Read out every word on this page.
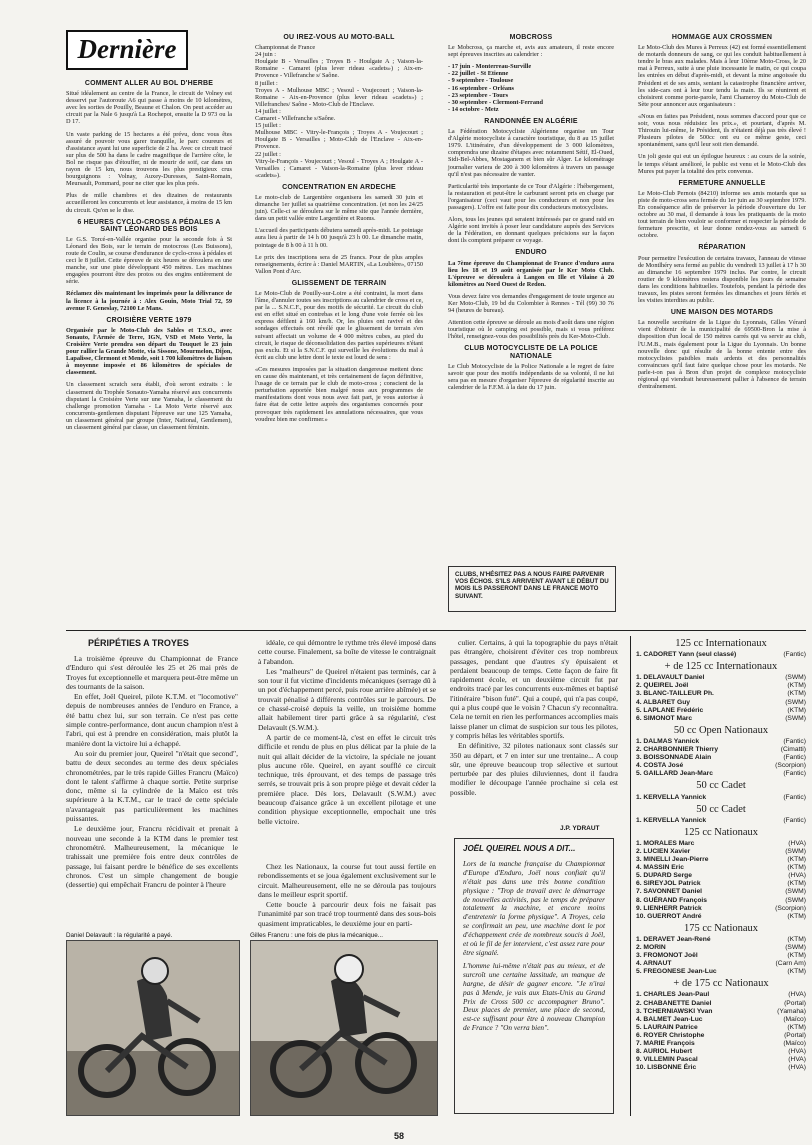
Dernière
COMMENT ALLER AU BOL D'HERBE
Situé idéalement au centre de la France, le circuit de Volney est desservi par l'autoroute A6 qui passe à moins de 10 kilomètres, avec les sorties de Pouilly, Beaune et Chalon. On peut accéder au circuit par la Nale 6 jusqu'à La Rochepot, ensuite la D 973 ou la D 17.
Un vaste parking de 15 hectares a été prévu, donc vous êtes assuré de pouvoir vous garer tranquille, le parc coureurs et d'assistance ayant lui une superficie de 2 ha. Avec ce circuit tracé sur plus de 500 ha dans le cadre magnifique de l'arrière côte, le Bol ne risque pas d'étouffer, ni de mourir de soif, car dans un rayon de 15 km, nous trouvons les plus prestigieux crus bourguignons : Volnay, Auxey-Duresses, Saint-Romain, Meursault, Pommard, pour ne citer que les plus prés.
Plus de mille chambres et des dizaines de restaurants accueilleront les concurrents et leur assistance, à moins de 15 km du circuit. Qu'on se le dise.
6 HEURES CYCLO-CROSS A PÉDALES A SAINT LÉONARD DES BOIS
Le G.S. Torcé-en-Vallée organise pour la seconde fois à St Léonard des Bois, sur le terrain de motocross (Les Buissons), route de Coulin, se course d'endurance de cyclo-cross à pédales et ceci le 8 juillet. Cette épreuve de six heures se déroulera en une manche, sur une piste développant 450 mètres. Les machines engagées pourront être des protos ou des engins entièrement de série.
Réclamez dès maintenant les imprimés pour la délivrance de la licence à la journée à : Alex Gouin, Moto Trial 72, 59 avenue F. Geneslay, 72100 Le Mans.
CROISIÈRE VERTE 1979
Organisée par le Moto-Club des Sables et T.S.O., avec Sonauto, l'Armée de Terre, IGN, VSD et Moto Verte, la Croisière Verte prendra son départ du Touquet le 23 juin pour rallier la Grande Motte, via Sissone, Mourmelon, Dijon, Lapalisse, Clermont et Mende, soit 1 700 kilomètres de liaison à moyenne imposée et 86 kilomètres de spéciales de classement.
Un classement scratch sera établi, d'où seront extraits : le classement du Trophée Sonauto-Yamaha réservé aux concurrents disputant la Croisière Verte sur une Yamaha, le classement du challenge promotion Yamaha - La Moto Verte réservé aux concurrents-gentlemen disputant l'épreuve sur une 125 Yamaha, un classement général par groupe (Inter, National, Gentlemen), un classement général par classe, un classement féminin.
OU IREZ-VOUS AU MOTO-BALL
Championnat de France
24 juin :
Houlgate B - Versailles ; Troyes B - Houlgate A ; Vaison-la-Romaine - Camaret (plus lever rideau «cadets») ; Aix-en-Provence - Villefranche s/ Saône.
8 juillet :
Troyes A - Mulhouse MBC ; Vesoul - Voujecourt ; Vaison-la-Romaine - Aix-en-Provence (plus lever rideau «cadets») ; Villefranches/ Saône - Moto-Club de l'Enclave.
14 juillet :
Camaret - Villefranche s/Saône.
15 juillet :
Mulhouse MBC - Vitry-le-François ; Troyes A - Voujecourt ; Houlgate B - Versailles ; Moto-Club de l'Enclave - Aix-en-Provence.
22 juillet :
Vitry-le-François - Voujecourt ; Vesoul - Troyes A ; Houlgate A - Versailles ; Camaret - Vaison-la-Romaine (plus lever rideau «cadets»).
CONCENTRATION EN ARDECHE
Le moto-club de Largentière organisera les samedi 30 juin et dimanche 1er juillet sa quatrième concentration. (et non les 24/25 juin). Celle-ci se déroulera sur le même site que l'année dernière, dans un petit vallée entre Largentière et Ruoms.
L'accueil des participants débutera samedi après-midi. Le pointage aura lieu à partir de 14 h 00 jusqu'à 23 h 00. Le dimanche matin, pointage de 8 h 00 à 11 h 00.
Le prix des inscriptions sera de 25 francs. Pour de plus amples renseignements, écrire à : Daniel MARTIN, «La Loubière», 07150 Vallon Pont d'Arc.
GLISSEMENT DE TERRAIN
Le Moto-Club de Pouilly-sur-Loire a été contraint, la mort dans l'âme, d'annuler toutes ses inscriptions au calendrier de cross et ce, par la ... S.N.C.F., pour des motifs de sécurité. Le circuit du club est en effet situé en contrebas et le long d'une voie ferrée où les express défilent à 160 km/h. Or, les pluies ont ravivé et des sondages effectués ont révélé que le glissement de terrain s'en suivant affectait un volume de 4 000 mètres cubes, au pied du circuit, le risque de déconsolidation des parties supérieures n'étant pas exclu. Et si la S.N.C.F. qui surveille les évolutions du mal à écrit au club une lettre dont le texte est lourd de sens :
«Ces mesures imposées par la situation dangereuse mettent donc en cause dès maintenant, et très certainement de façon définitive, l'usage de ce terrain par le club de moto-cross ; conscient de la perturbation apportée bien malgré nous aux programmes de manifestations dont vous nous avez fait part, je vous autorise à faire état de cette lettre auprès des organismes concernés pour provoquer très rapidement les annulations nécessaires, que vous voudrez bien me confirmer.»
MOBCROSS
Le Mobcross, ça marche et, avis aux amateurs, il reste encore sept épreuves inscrites au calendrier :
- 17 juin - Monterreau-Surville
- 22 juillet - St Etienne
- 9 septembre - Toulouse
- 16 septembre - Orléans
- 23 septembre - Tours
- 30 septembre - Clermont-Ferrand
- 14 octobre - Metz
RANDONNÉE EN ALGÉRIE
La Fédération Motocycliste Algérienne organise un Tour d'Algérie motocycliste à caractère touristique, du 8 au 15 juillet 1979. L'itinéraire, d'un développement de 3 000 kilomètres, comprendra une dizaine d'étapes avec notamment Sétif, El-Oued, Sidi-Bel-Abbes, Mostaganem et bien sûr Alger. Le kilométrage journalier variera de 200 à 300 kilomètres à travers un passage qu'il n'est pas nécessaire de vanter.
Particularité très importante de ce Tour d'Algérie : l'hébergement, la restauration et peut-être le carburant seront pris en charge par l'organisateur (ceci vaut pour les conducteurs et non pour les passagers). L'offre est faite pour dix conducteurs motocyclistes.
Alors, tous les jeunes qui seraient intéressés par ce grand raid en Algérie sont invités à poser leur candidature auprès des Services de la Fédération, en donnant quelques précisions sur la façon dont ils comptent préparer ce voyage.
ENDURO
La 7ème épreuve du Championnat de France d'enduro aura lieu les 18 et 19 août organisée par le Ker Moto Club. L'épreuve se déroulera à Langon en Ille et Vilaine à 20 kilomètres au Nord Ouest de Redon.
Vous devez faire vos demandes d'engagement de toute urgence au Ker Moto-Club, 19 bd du Colombier à Rennes - Tél (99) 30 76 94 (heures de bureau).
Attention cette épreuve se déroule au mois d'août dans une région touristique où le camping est possible, mais si vous préférez l'hôtel, renseignez-vous des possibilités près du Ker-Moto-Club.
CLUB MOTOCYCLISTE DE LA POLICE NATIONALE
Le Club Motocycliste de la Police Nationale a le regret de faire savoir que pour des motifs indépendants de sa volonté, il ne lui sera pas en mesure d'organiser l'épreuve de régularité inscrite au calendrier de la F.F.M. à la date du 17 juin.
CLUBS, N'HÉSITEZ PAS A NOUS FAIRE PARVENIR VOS ÉCHOS. S'ILS ARRIVENT AVANT LE DÉBUT DU MOIS ILS PASSERONT DANS LE FRANCE MOTO SUIVANT.
HOMMAGE AUX CROSSMEN
Le Moto-Club des Mures à Perreux (42) est formé essentiellement de motards donneurs de sang, ce qui les conduit habituellement à tendre le bras aux malades. Mais à leur 10ème Moto-Cross, le 20 mai à Perreux, suite à une pluie incessante le matin, ce qui coupa les entrées en début d'après-midi, et devant la mine angoissée du Président et de ses amis, sentant la catastrophe financière arriver, les side-cars ont à leur tour tendu la main. Ils se réunirent et choisirent comme porte-parole, l'ami Chameroy du Moto-Club de Sète pour annoncer aux organisateurs :
«Nous en faites pas Président, nous sommes d'accord pour que ce soir, vous nous réduisiez les prix.», et pourtant, d'après M. Thirouin lui-même, le Président, ils n'étaient déjà pas très élevé ! Plusieurs pilotes de 500cc ont eu ce même geste, ceci spontanément, sans qu'il leur soit rien demandé.
Un joli geste qui eut un épilogue heureux : au cours de la soirée, le temps s'étant amélioré, le public est venu et le Moto-Club des Mures put payer la totalité des prix convenus.
FERMETURE ANNUELLE
Le Moto-Club Pernois (84210) informe ses amis motards que sa piste de moto-cross sera fermée du 1er juin au 30 septembre 1979. En conséquence afin de préserver la période d'ouverture du 1er octobre au 30 mai, il demande à tous les pratiquants de la moto tout terrain de bien vouloir se conformer et respecter la période de fermeture prescrite, et leur donne rendez-vous au samedi 6 octobre.
RÉPARATION
Pour permettre l'exécution de certains travaux, l'anneau de vitesse de Montlhéry sera fermé au public du vendredi 13 juillet à 17 h 30 au dimanche 16 septembre 1979 inclus. Par contre, le circuit routier de 9 kilomètres restera disponible les jours de semaine dans les conditions habituelles. Toutefois, pendant la période des travaux, les pistes seront fermées les dimanches et jours fériés et les visites interdites au public.
UNE MAISON DES MOTARDS
La nouvelle secrétaire de la Ligue du Lyonnais, Gilles Vérard vient d'obtenir de la municipalité de 69500-Bron la mise à disposition d'un local de 150 mètres carrés qui va servir au club, l'U.M.B., mais également pour la Ligue du Lyonnais. Un bonne nouvelle donc qui résulte de la bonne entente entre des motocyclistes paisibles mais ardents et des personnalités convaincues qu'il faut faire quelque chose pour les motards. Ne parle-t-on pas à Bron d'un projet de complexe motocycliste régional qui viendrait heureusement pallier à l'absence de terrain d'entraînement.
PÉRIPÉTIES A TROYES
La troisième épreuve du Championnat de France d'Enduro qui s'est déroulée les 25 et 26 mai près de Troyes fut exceptionnelle et marquera peut-être même un des tournants de la saison.
En effet, Joël Queirel, pilote K.T.M. et "locomotive" depuis de nombreuses années de l'enduro en France, a été battu chez lui, sur son terrain. Ce n'est pas cette simple contre-performance, dont aucun champion n'est à l'abri, qui est à prendre en considération, mais plutôt la manière dont la victoire lui a échappé.
Au soir du premier jour, Queirel "n'était que second", battu de deux secondes au terme des deux spéciales chronométrées, par le très rapide Gilles Francru (Maïco) dont le talent s'affirme à chaque sortie. Petite surprise donc, même si la cylindrée de la Maïco est très supérieure à la K.T.M., car le tracé de cette spéciale n'avantageait pas particulièrement les machines puissantes.
Le deuxième jour, Francru récidivait et prenait à nouveau une seconde à la KTM dans le premier test chronométré. Malheureusement, la mécanique le trahissait une première fois entre deux contrôles de passage, lui faisant perdre le bénéfice de ses excellents chronos. C'est un simple changement de bougie (dessertie) qui empêchait Francru de pointer à l'heure
idéale, ce qui démontre le rythme très élevé imposé dans cette course. Finalement, sa boîte de vitesse le contraignait à l'abandon.
Les "malheurs" de Queirel n'étaient pas terminés, car à son tour il fut victime d'incidents mécaniques (serrage dû à un pot d'échappement percé, puis roue arrière abîmée) et se trouvait pénalisé à différents contrôles sur le parcours. De ce chassé-croisé depuis la veille, un troisième homme allait habilement tirer parti grâce à sa régularité, c'est Delavault (S.W.M.).
A partir de ce moment-là, c'est en effet le circuit très difficile et rendu de plus en plus délicat par la pluie de la nuit qui allait décider de la victoire, la spéciale ne jouant plus aucune rôle. Queirel, en ayant soufflé ce circuit technique, très éprouvant, et des temps de passage très serrés, se trouvait pris à son propre piège et devait céder la première place. Dès lors, Delavault (S.W.M.) avec beaucoup d'aisance grâce à un excellent pilotage et une condition physique exceptionnelle, empochait une très belle victoire.
Chez les Nationaux, la course fut tout aussi fertile en rebondissements et se joua également exclusivement sur le circuit. Malheureusement, elle ne se déroula pas toujours dans le meilleur esprit sportif.
Cette boucle à parcourir deux fois ne faisait pas l'unanimité par son tracé trop tourmenté dans des sous-bois quasiment impraticables, le deuxième jour en parti-
culier. Certains, à qui la topographie du pays n'était pas étrangère, choisirent d'éviter ces trop nombreux passages, pendant que d'autres s'y épuisaient et perdaient beaucoup de temps. Cette façon de faire fit rapidement école, et un deuxième circuit fut par endroits tracé par les concurrents eux-mêmes et baptisé l'itinéraire "bison futé". Qui a coupé, qui n'a pas coupé, qui a plus coupé que le voisin ? Chacun s'y reconnaîtra. Cela ne ternit en rien les performances accomplies mais laisse planer un climat de suspicion sur tous les pilotes, y compris hélas les véritables sportifs.
En définitive, 32 pilotes nationaux sont classés sur 350 au départ, et 7 en inter sur une trentaine... A coup sûr, une épreuve beaucoup trop sélective et surtout perturbée par des pluies diluviennes, dont il faudra modifier le découpage l'année prochaine si cela est possible.
J.P. YDRAUT
Daniel Delavault : la régularité a payé.	Gilles Francru : une fois de plus la mécanique...
JOËL QUEIREL NOUS A DIT...
Lors de la manche française du Championnat d'Europe d'Enduro, Joël nous confiait qu'il n'était pas dans une très bonne condition physique : "Trop de travail avec le démarrage de nouvelles activités, pas le temps de préparer totalement la machine, et encore moins d'entretenir la forme physique". A Troyes, cela se confirmait un peu, une machine dont le pot d'échappement crée de nombreux soucis à Joël, et où le fil de fer intervient, c'est assez rare pour être signalé.
L'homme lui-même n'était pas au mieux, et de surcroît une certaine lassitude, un manque de hargne, de désir de gagner encore. "Je n'irai pas à Mende, je vais aux Etats-Unis au Grand Prix de Cross 500 cc accompagner Bruno". Deux places de premier, une place de second, est-ce suffisant pour être à nouveau Champion de France ? "On verra bien".
125 cc Internationaux
1. CADORET Yann (seul classé)	(Fantic)
+ de 125 cc Internationaux
1. DELAVAULT Daniel	(SWM)
2. QUEIREL Joël	(KTM)
3. BLANC-TAILLEUR Ph.	(KTM)
4. ALBARET Guy	(SWM)
5. LAPLANE Frédéric	(KTM)
6. SIMONOT Marc	(SWM)
50 cc Open Nationaux
1. DALMAS Yannick	(Fantic)
2. CHARBONNIER Thierry	(Cimatti)
3. BOISSONNADE Alain	(Fantic)
4. COSTA José	(Scorpion)
5. GAILLARD Jean-Marc	(Fantic)
50 cc Cadet
1. KERVELLA Yannick	(Fantic)
50 cc Cadet
1. KERVELLA Yannick	(Fantic)
125 cc Nationaux
1. MORALES Marc	(HVA)
2. LUCIEN Xavier	(SWM)
3. MINELLI Jean-Pierre	(KTM)
4. MASSIN Eric	(KTM)
5. DUPARD Serge	(HVA)
6. SIREYJOL Patrick	(KTM)
7. SAVONNET Daniel	(SWM)
8. GUÉRAND François	(SWM)
9. LIENHERR Patrick	(Scorpion)
10. GUERROT André	(KTM)
175 cc Nationaux
1. DERAVET Jean-René	(KTM)
2. MORIN	(SWM)
3. FROMONOT Joël	(KTM)
4. ARNAUT	(Carn Am)
5. FREGONESE Jean-Luc	(KTM)
+ de 175 cc Nationaux
1. CHARLES Jean-Paul	(HVA)
2. CHABANETTE Daniel	(Portal)
3. TCHERNIAWSKI Yvan	(Yamaha)
4. BALMET Jean-Luc	(Maïco)
5. LAURAIN Patrice	(KTM)
6. ROYER Christophe	(Portal)
7. MARIE François	(Maïco)
8. AURIOL Hubert	(HVA)
9. VILLEMIN Pascal	(HVA)
10. LISBONNE Éric	(HVA)
58
